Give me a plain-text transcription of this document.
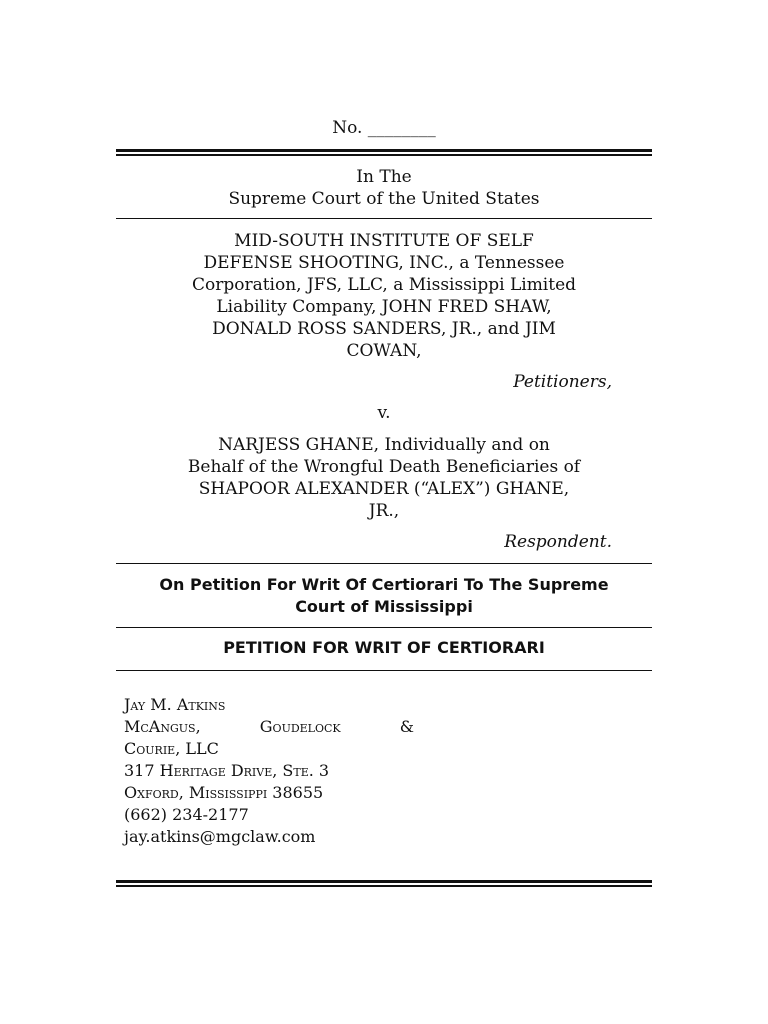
No. ________
In The
Supreme Court of the United States
MID-SOUTH INSTITUTE OF SELF
DEFENSE SHOOTING, INC., a Tennessee
Corporation, JFS, LLC, a Mississippi Limited
Liability Company, JOHN FRED SHAW,
DONALD ROSS SANDERS, JR., and JIM
COWAN,
Petitioners,
v.
NARJESS GHANE, Individually and on
Behalf of the Wrongful Death Beneficiaries of
SHAPOOR ALEXANDER (“ALEX”) GHANE,
JR.,
Respondent.
On Petition For Writ Of Certiorari To The Supreme
Court of Mississippi
PETITION FOR WRIT OF CERTIORARI
Jay M. Atkins
McAngus,	Goudelock	&
Courie, LLC
317 Heritage Drive, Ste. 3
Oxford, Mississippi 38655
(662) 234-2177
jay.atkins@mgclaw.com
